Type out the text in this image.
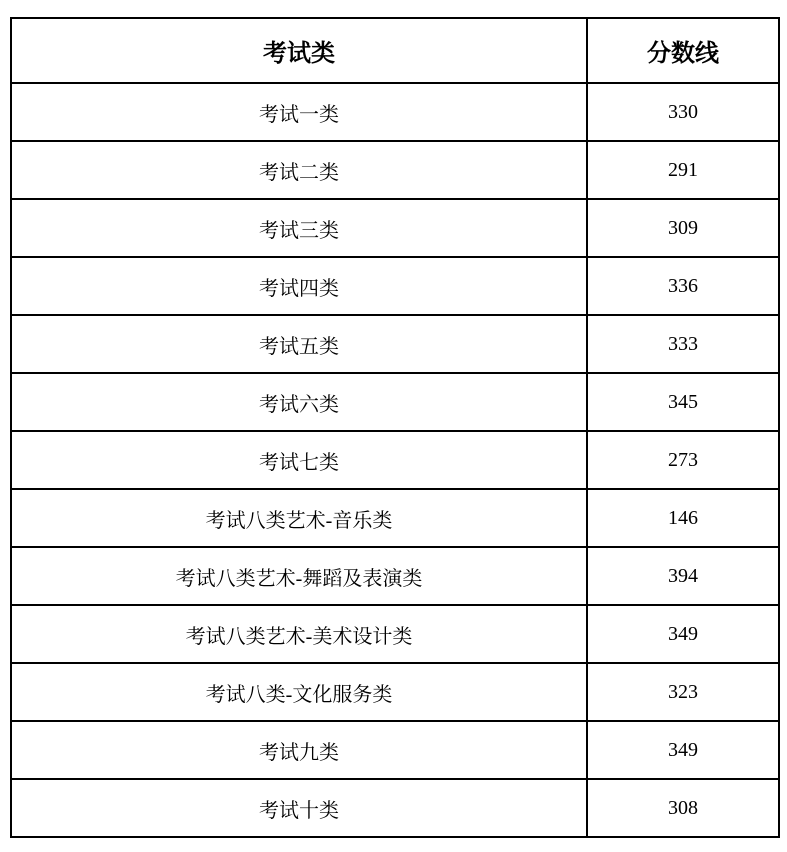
考试类	分数线
考试一类	330
考试二类	291
考试三类	309
考试四类	336
考试五类	333
考试六类	345
考试七类	273
考试八类艺术-音乐类	146
考试八类艺术-舞蹈及表演类	394
考试八类艺术-美术设计类	349
考试八类-文化服务类	323
考试九类	349
考试十类	308
